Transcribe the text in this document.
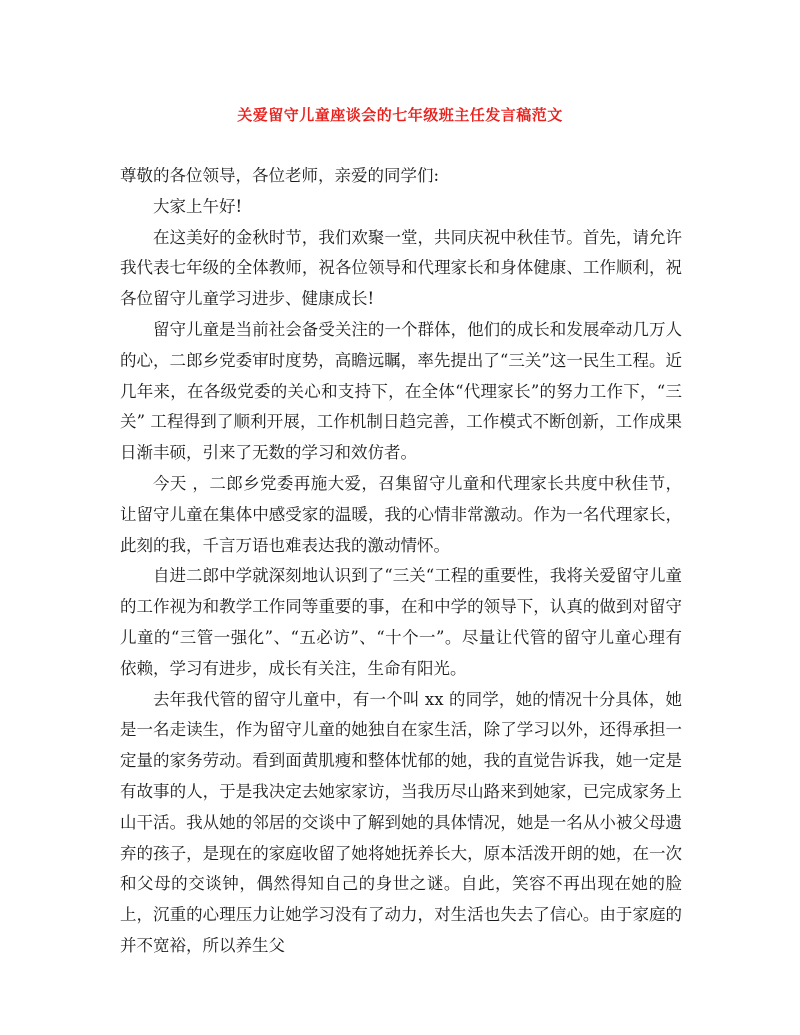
关爱留守儿童座谈会的七年级班主任发言稿范文

尊敬的各位领导，各位老师，亲爱的同学们:

大家上午好!

在这美好的金秋时节，我们欢聚一堂，共同庆祝中秋佳节。首先，请允许我代表七年级的全体教师，祝各位领导和代理家长和身体健康、工作顺利，祝各位留守儿童学习进步、健康成长!

留守儿童是当前社会备受关注的一个群体，他们的成长和发展牵动几万人的心，二郎乡党委审时度势，高瞻远瞩，率先提出了“三关”这一民生工程。近几年来，在各级党委的关心和支持下，在全体“代理家长”的努力工作下，“三关” 工程得到了顺利开展，工作机制日趋完善，工作模式不断创新，工作成果日渐丰硕，引来了无数的学习和效仿者。

今天 ，二郎乡党委再施大爱，召集留守儿童和代理家长共度中秋佳节，让留守儿童在集体中感受家的温暖，我的心情非常激动。作为一名代理家长，此刻的我，千言万语也难表达我的激动情怀。

自进二郎中学就深刻地认识到了“三关“工程的重要性，我将关爱留守儿童的工作视为和教学工作同等重要的事，在和中学的领导下，认真的做到对留守儿童的“三管一强化”、“五必访”、“十个一”。尽量让代管的留守儿童心理有依赖，学习有进步，成长有关注，生命有阳光。

去年我代管的留守儿童中，有一个叫 xx 的同学，她的情况十分具体，她是一名走读生，作为留守儿童的她独自在家生活，除了学习以外，还得承担一定量的家务劳动。看到面黄肌瘦和整体忧郁的她，我的直觉告诉我，她一定是有故事的人，于是我决定去她家家访，当我历尽山路来到她家，已完成家务上山干活。我从她的邻居的交谈中了解到她的具体情况，她是一名从小被父母遗弃的孩子，是现在的家庭收留了她将她抚养长大，原本活泼开朗的她，在一次和父母的交谈钟，偶然得知自己的身世之谜。自此，笑容不再出现在她的脸上，沉重的心理压力让她学习没有了动力，对生活也失去了信心。由于家庭的并不宽裕，所以养生父
